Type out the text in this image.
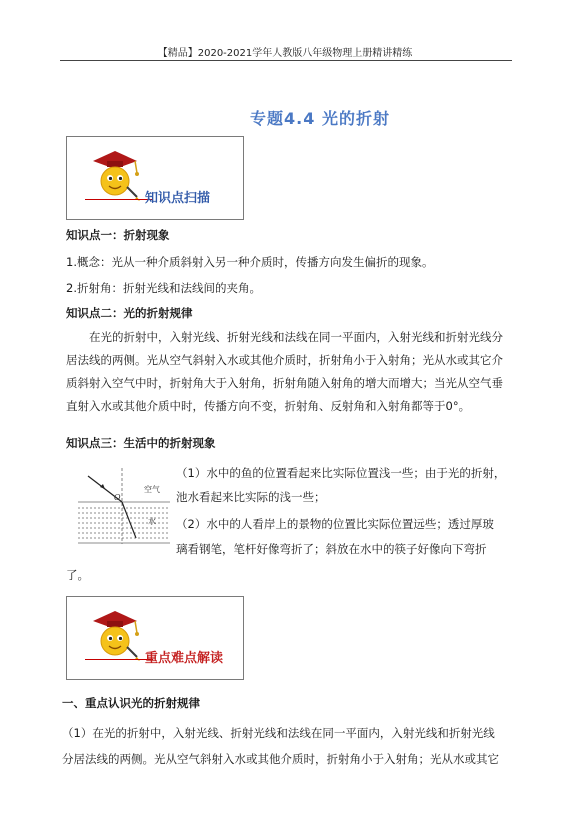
【精品】2020-2021学年人教版八年级物理上册精讲精练
专题4.4 光的折射
知识点扫描
知识点一：折射现象
1.概念：光从一种介质斜射入另一种介质时，传播方向发生偏折的现象。
2.折射角：折射光线和法线间的夹角。
知识点二：光的折射规律
在光的折射中，入射光线、折射光线和法线在同一平面内，入射光线和折射光线分
居法线的两侧。光从空气斜射入水或其他介质时，折射角小于入射角；光从水或其它介
质斜射入空气中时，折射角大于入射角，折射角随入射角的增大而增大；当光从空气垂
直射入水或其他介质中时，传播方向不变，折射角、反射角和入射角都等于0°。
知识点三：生活中的折射现象
O
空气
水
（1）水中的鱼的位置看起来比实际位置浅一些；由于光的折射，
池水看起来比实际的浅一些；
（2）水中的人看岸上的景物的位置比实际位置远些；透过厚玻
璃看钢笔，笔杆好像弯折了；斜放在水中的筷子好像向下弯折
了。
重点难点解读
一、重点认识光的折射规律
（1）在光的折射中，入射光线、折射光线和法线在同一平面内，入射光线和折射光线
分居法线的两侧。光从空气斜射入水或其他介质时，折射角小于入射角；光从水或其它
